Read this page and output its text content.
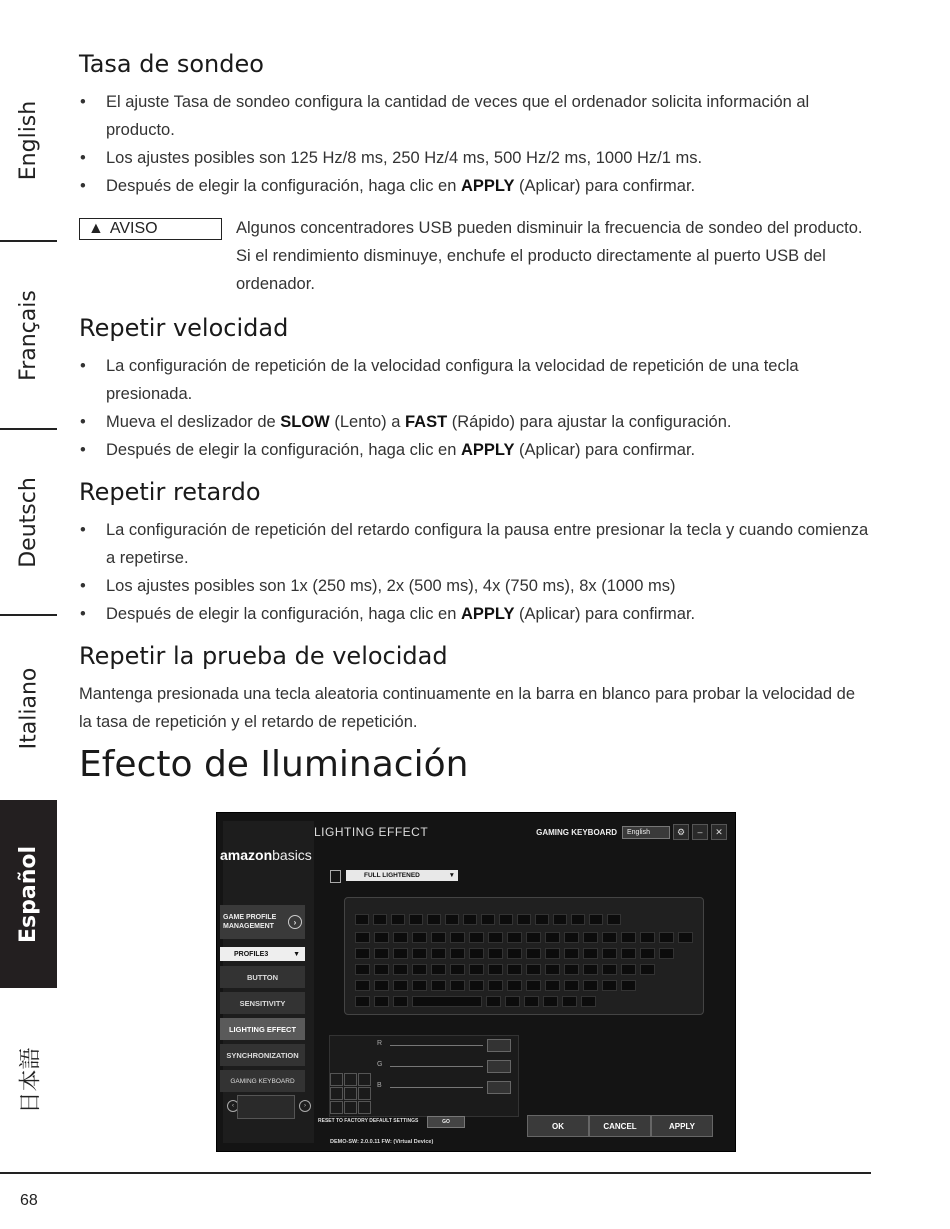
English
Français
Deutsch
Italiano
Español
日本語
Tasa de sondeo
• El ajuste Tasa de sondeo configura la cantidad de veces que el ordenador solicita información al producto.
• Los ajustes posibles son 125 Hz/8 ms, 250 Hz/4 ms, 500 Hz/2 ms, 1000 Hz/1 ms.
• Después de elegir la configuración, haga clic en APPLY (Aplicar) para confirmar.
▲ AVISO	Algunos concentradores USB pueden disminuir la frecuencia de sondeo del producto. Si el rendimiento disminuye, enchufe el producto directamente al puerto USB del ordenador.
Repetir velocidad
• La configuración de repetición de la velocidad configura la velocidad de repetición de una tecla presionada.
• Mueva el deslizador de SLOW (Lento) a FAST (Rápido) para ajustar la configuración.
• Después de elegir la configuración, haga clic en APPLY (Aplicar) para confirmar.
Repetir retardo
• La configuración de repetición del retardo configura la pausa entre presionar la tecla y cuando comienza a repetirse.
• Los ajustes posibles son 1x (250 ms), 2x (500 ms), 4x (750 ms), 8x (1000 ms)
• Después de elegir la configuración, haga clic en APPLY (Aplicar) para confirmar.
Repetir la prueba de velocidad

Mantenga presionada una tecla aleatoria continuamente en la barra en blanco para probar la velocidad de la tasa de repetición y el retardo de repetición.

Efecto de Iluminación
amazonbasics
LIGHTING EFFECT	GAMING KEYBOARD	English	⚙	–	✕
GAME PROFILE MANAGEMENT	›
PROFILE3	▼
BUTTON
SENSITIVITY
LIGHTING EFFECT
SYNCHRONIZATION
GAMING KEYBOARD
‹	›
FULL LIGHTENED	▼
R
G
B
RESET TO FACTORY DEFAULT SETTINGS	GO	OK	CANCEL	APPLY
DEMO-SW: 2.0.0.11 FW: (Virtual Device)
68
